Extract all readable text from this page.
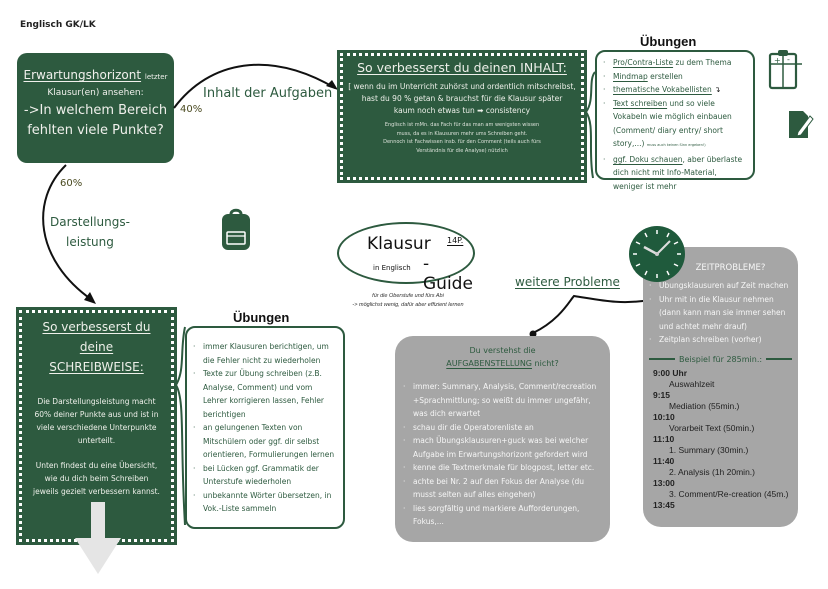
Englisch GK/LK
Erwartungshorizont letzter
Klausur(en) ansehen:
->In welchem Bereich
fehlten viele Punkte?
40%
Inhalt der Aufgaben
60%
Darstellungs-
leistung
So verbesserst du deinen INHALT:
[ wenn du im Unterricht zuhörst und ordentlich mitschreibst,
hast du 90 % getan & brauchst für die Klausur später
kaum noch etwas tun ➡ consistency
Englisch ist mMn. das Fach für das man am wenigsten wissen
muss, da es in Klausuren mehr ums Schreiben geht.
Dennoch ist Fachwissen insb. für den Comment (teils auch fürs
Verständnis für die Analyse) nützlich
Übungen
· Pro/Contra-Liste zu dem Thema
· Mindmap erstellen
· thematische Vokabellisten ↴
· Text schreiben und so viele Vokabeln wie möglich einbauen (Comment/ diary entry/ short story,...) muss auch keinen Sinn ergeben!)
· ggf. Doku schauen, aber überlaste dich nicht mit Info-Material, weniger ist mehr
+ -
Klausur 14P.
in Englisch -Guide
für die Oberstufe und fürs Abi
-> möglichst wenig, dafür aber effizient lernen
weitere Probleme
So verbesserst du deine
SCHREIBWEISE:
Die Darstellungsleistung macht 60% deiner Punkte aus und ist in viele verschiedene Unterpunkte unterteilt.
Unten findest du eine Übersicht, wie du dich beim Schreiben jeweils gezielt verbessern kannst.
Übungen
· immer Klausuren berichtigen, um die Fehler nicht zu wiederholen
· Texte zur Übung schreiben (z.B. Analyse, Comment) und vom Lehrer korrigieren lassen, Fehler berichtigen
· an gelungenen Texten von Mitschülern oder ggf. dir selbst orientieren, Formulierungen lernen
· bei Lücken ggf. Grammatik der Unterstufe wiederholen
· unbekannte Wörter übersetzen, in Vok.-Liste sammeln
Du verstehst die
AUFGABENSTELLUNG nicht?
· immer: Summary, Analysis, Comment/recreation +Sprachmittlung; so weißt du immer ungefähr, was dich erwartet
· schau dir die Operatorenliste an
· mach Übungsklausuren+guck was bei welcher Aufgabe im Erwartungshorizont gefordert wird
· kenne die Textmerkmale für blogpost, letter etc.
· achte bei Nr. 2 auf den Fokus der Analyse (du musst selten auf alles eingehen)
· lies sorgfältig und markiere Aufforderungen, Fokus,...
ZEITPROBLEME?
· Übungsklausuren auf Zeit machen
· Uhr mit in die Klausur nehmen (dann kann man sie immer sehen und achtet mehr drauf)
· Zeitplan schreiben (vorher)
Beispiel für 285min.:
9:00 Uhr
Auswahlzeit
9:15
Mediation (55min.)
10:10
Vorarbeit Text (50min.)
11:10
1. Summary (30min.)
11:40
2. Analysis (1h 20min.)
13:00
3. Comment/Re-creation (45m.)
13:45
